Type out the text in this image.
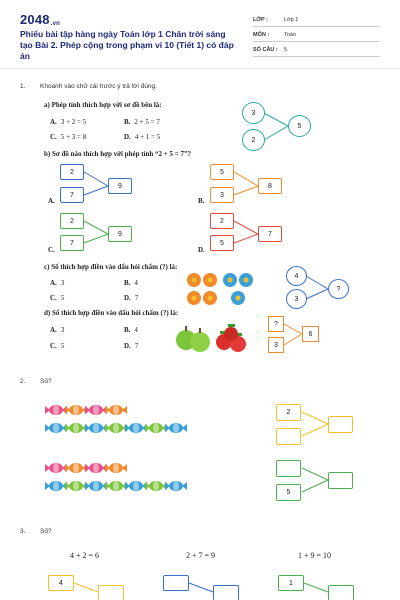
2048.vn
Phiếu bài tập hàng ngày Toán lớp 1 Chân trời sáng tạo Bài 2. Phép cộng trong phạm vi 10 (Tiết 1) có đáp án
LỚP :	Lớp 1
MÔN :	Toán
SỐ CÂU : 5
1. Khoanh vào chữ cái trước ý trả lời đúng.
a) Phép tính thích hợp với sơ đồ bên là:
A. 3 + 2 = 5	B. 2 + 5 = 7
C. 5 + 3 = 8	D. 4 + 1 = 5
3
2
5
b) Sơ đồ nào thích hợp với phép tính “2 + 5 = 7”?
2
7
9
A.
5
3
8
B.
2
7
9
C.
2
5
7
D.
c) Số thích hợp điền vào dấu hỏi chấm (?) là:
A. 3	B. 4
C. 5	D. 7
4
3
?
d) Số thích hợp điền vào dấu hỏi chấm (?) là:
A. 3	B. 4
C. 5	D. 7
?
3
6
2. Số?
2
5
3. Số?
4 + 2 = 6	2 + 7 = 9	1 + 9 = 10
4	1
